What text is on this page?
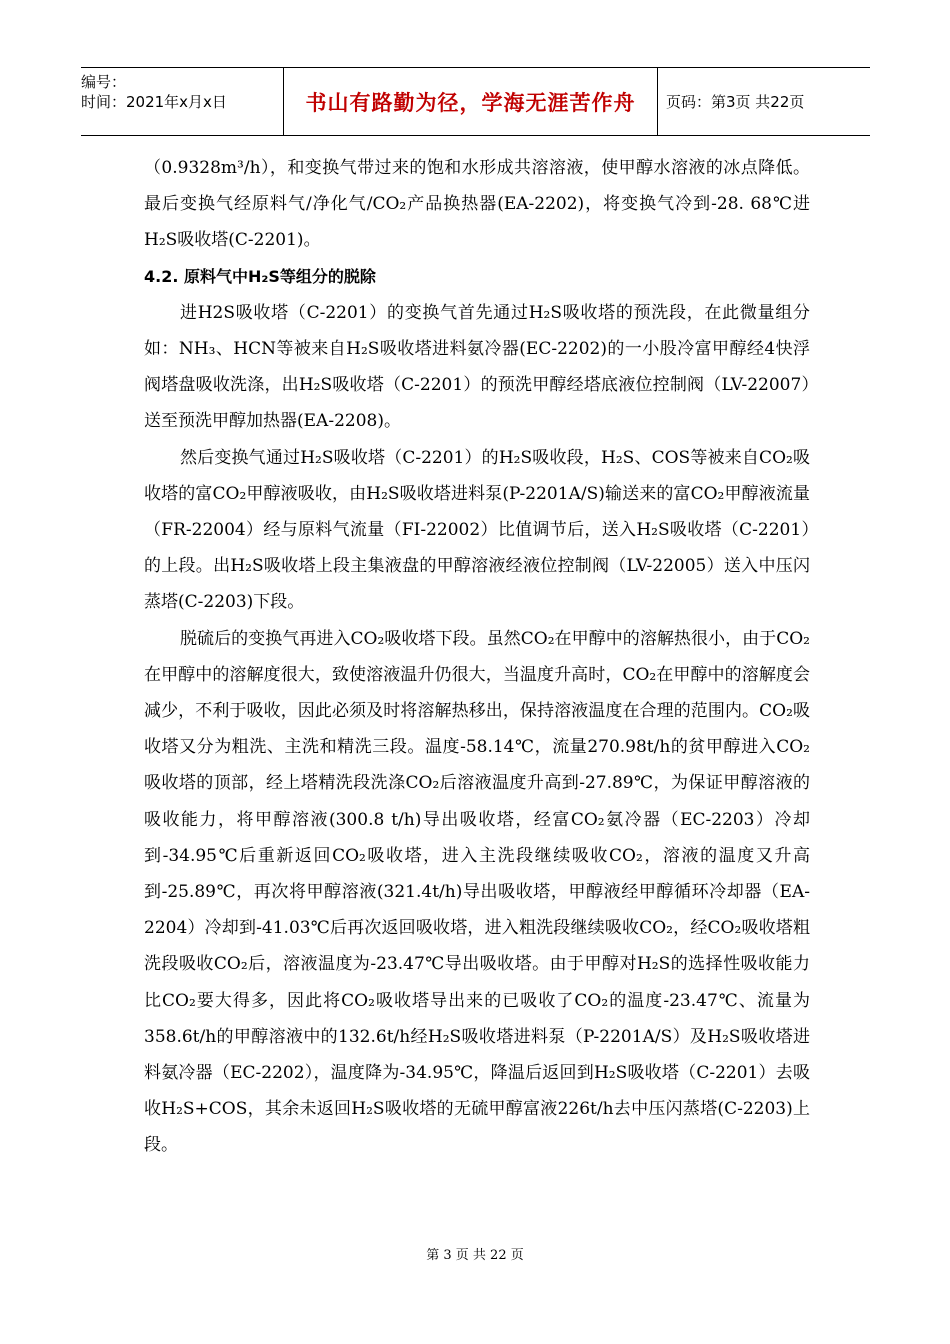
编号：
时间：2021年x月x日	书山有路勤为径，学海无涯苦作舟	页码：第3页 共22页

（0.9328m³/h），和变换气带过来的饱和水形成共溶溶液，使甲醇水溶液的冰点降低。最后变换气经原料气/净化气/CO₂产品换热器(EA-2202)，将变换气冷到-28. 68℃进H₂S吸收塔(C-2201)。

4.2. 原料气中H₂S等组分的脱除

进H2S吸收塔（C-2201）的变换气首先通过H₂S吸收塔的预洗段，在此微量组分如：NH₃、HCN等被来自H₂S吸收塔进料氨冷器(EC-2202)的一小股冷富甲醇经4快浮阀塔盘吸收洗涤，出H₂S吸收塔（C-2201）的预洗甲醇经塔底液位控制阀（LV-22007）送至预洗甲醇加热器(EA-2208)。

然后变换气通过H₂S吸收塔（C-2201）的H₂S吸收段，H₂S、COS等被来自CO₂吸收塔的富CO₂甲醇液吸收，由H₂S吸收塔进料泵(P-2201A/S)输送来的富CO₂甲醇液流量（FR-22004）经与原料气流量（FI-22002）比值调节后，送入H₂S吸收塔（C-2201）的上段。出H₂S吸收塔上段主集液盘的甲醇溶液经液位控制阀（LV-22005）送入中压闪蒸塔(C-2203)下段。

脱硫后的变换气再进入CO₂吸收塔下段。虽然CO₂在甲醇中的溶解热很小，由于CO₂在甲醇中的溶解度很大，致使溶液温升仍很大，当温度升高时，CO₂在甲醇中的溶解度会减少，不利于吸收，因此必须及时将溶解热移出，保持溶液温度在合理的范围内。CO₂吸收塔又分为粗洗、主洗和精洗三段。温度-58.14℃，流量270.98t/h的贫甲醇进入CO₂吸收塔的顶部，经上塔精洗段洗涤CO₂后溶液温度升高到-27.89℃，为保证甲醇溶液的吸收能力，将甲醇溶液(300.8 t/h)导出吸收塔，经富CO₂氨冷器（EC-2203）冷却到-34.95℃后重新返回CO₂吸收塔，进入主洗段继续吸收CO₂，溶液的温度又升高到-25.89℃，再次将甲醇溶液(321.4t/h)导出吸收塔，甲醇液经甲醇循环冷却器（EA-2204）冷却到-41.03℃后再次返回吸收塔，进入粗洗段继续吸收CO₂，经CO₂吸收塔粗洗段吸收CO₂后，溶液温度为-23.47℃导出吸收塔。由于甲醇对H₂S的选择性吸收能力比CO₂要大得多，因此将CO₂吸收塔导出来的已吸收了CO₂的温度-23.47℃、流量为358.6t/h的甲醇溶液中的132.6t/h经H₂S吸收塔进料泵（P-2201A/S）及H₂S吸收塔进料氨冷器（EC-2202），温度降为-34.95℃，降温后返回到H₂S吸收塔（C-2201）去吸收H₂S+COS，其余未返回H₂S吸收塔的无硫甲醇富液226t/h去中压闪蒸塔(C-2203)上段。

第 3 页 共 22 页
